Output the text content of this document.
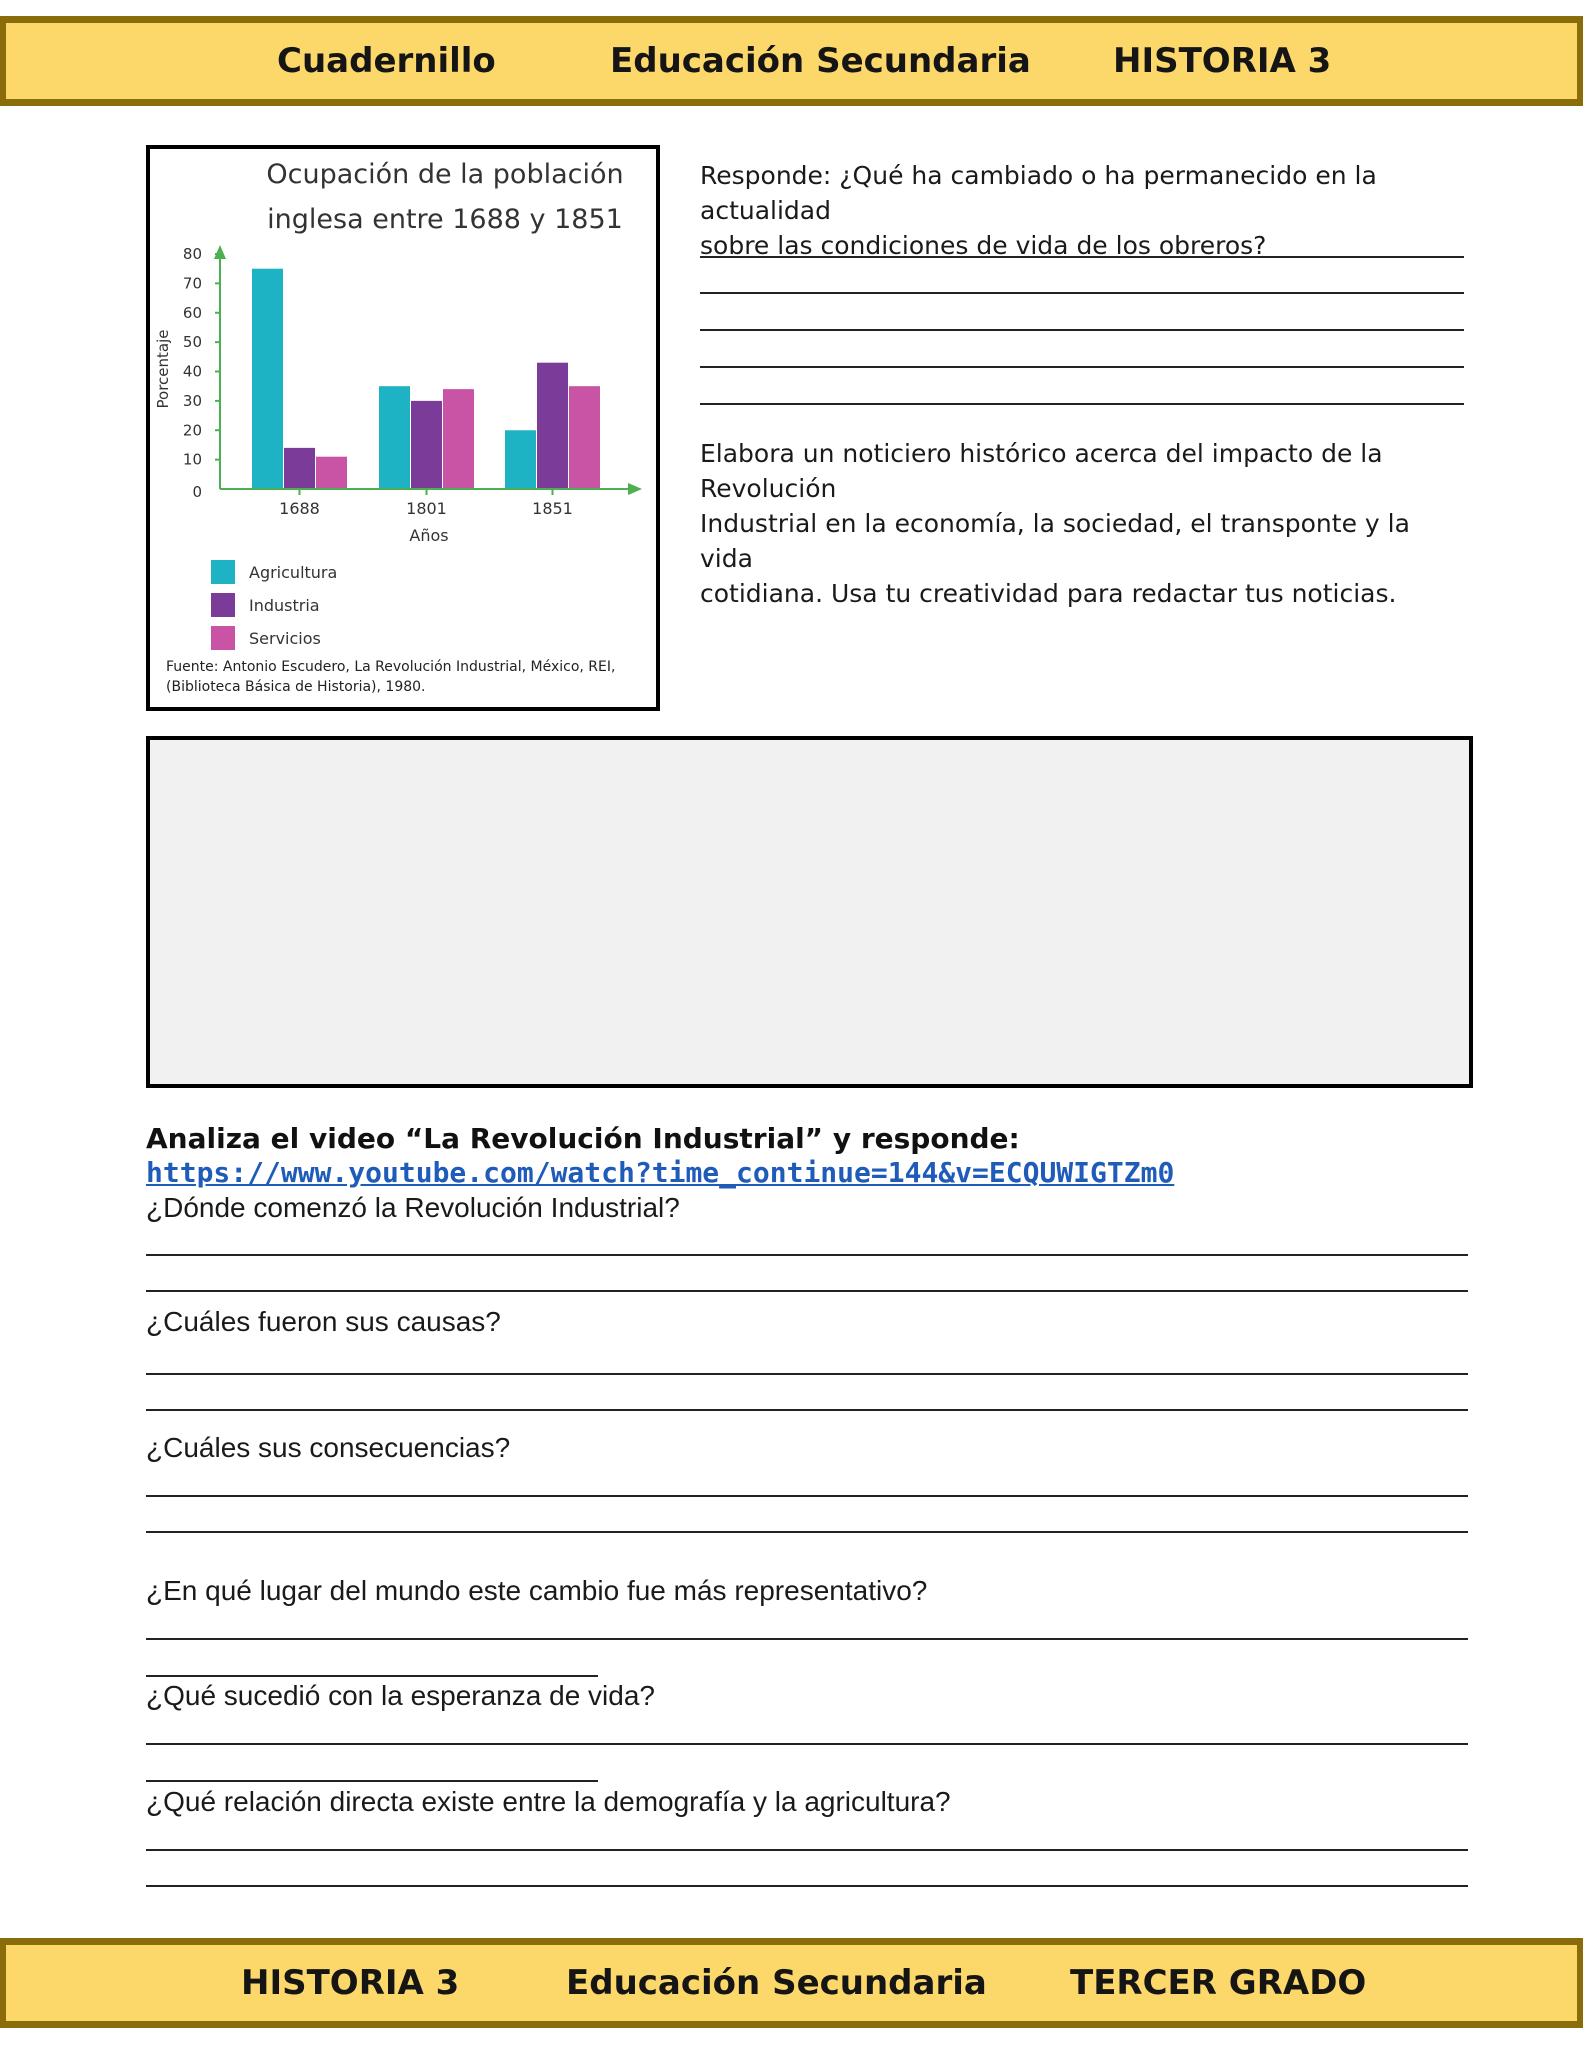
Cuadernillo	Educación Secundaria HISTORIA 3
Ocupación de la población
inglesa entre 1688 y 1851
0
10
20
30
40
50
60
70
80
Porcentaje
1688	1801	1851
Años
Agricultura
Industria
Servicios
Fuente: Antonio Escudero, La Revolución Industrial, México, REI,
(Biblioteca Básica de Historia), 1980.
Responde: ¿Qué ha cambiado o ha permanecido en la actualidad
sobre las condiciones de vida de los obreros?
Elabora un noticiero histórico acerca del impacto de la Revolución
Industrial en la economía, la sociedad, el transponte y la vida
cotidiana. Usa tu creatividad para redactar tus noticias.
Analiza el video “La Revolución Industrial” y responde:
https://www.youtube.com/watch?time_continue=144&v=ECQUWIGTZm0
¿Dónde comenzó la Revolución Industrial?
¿Cuáles fueron sus causas?
¿Cuáles sus consecuencias?
¿En qué lugar del mundo este cambio fue más representativo?
¿Qué sucedió con la esperanza de vida?
¿Qué relación directa existe entre la demografía y la agricultura?
HISTORIA 3	Educación Secundaria TERCER GRADO
